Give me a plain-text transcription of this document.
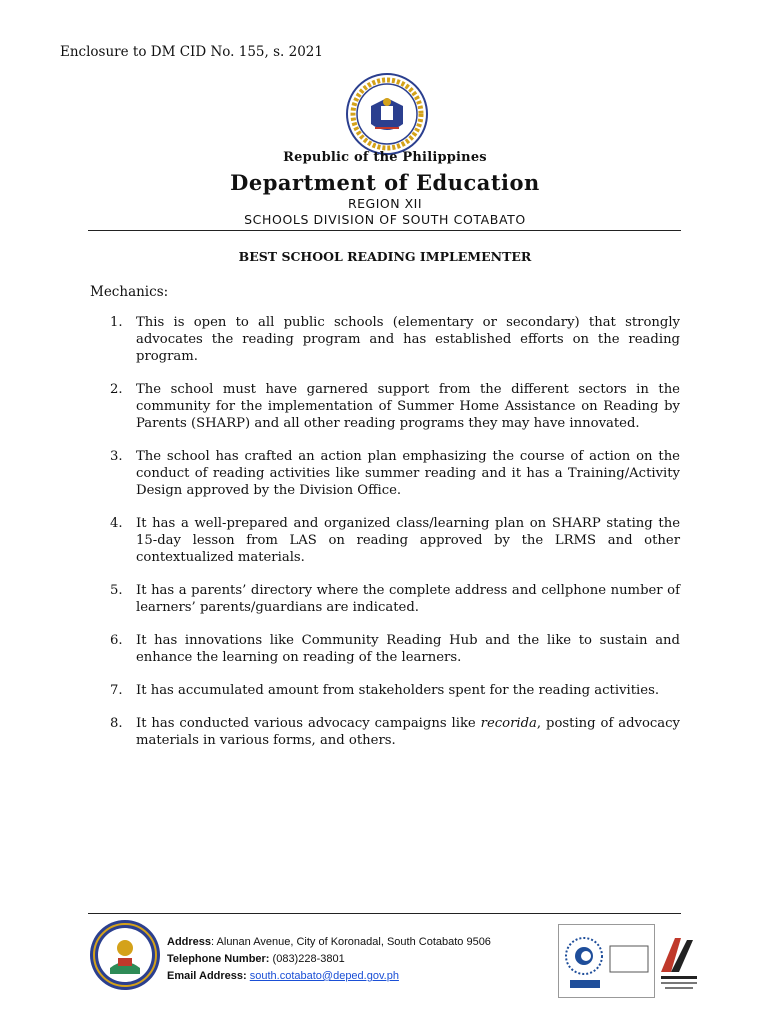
Enclosure to DM CID No. 155, s. 2021
Republic of the Philippines
Department of Education
REGION XII
SCHOOLS DIVISION OF SOUTH COTABATO
BEST SCHOOL READING IMPLEMENTER
Mechanics:
1. This is open to all public schools (elementary or secondary) that strongly advocates the reading program and has established efforts on the reading program.
2. The school must have garnered support from the different sectors in the community for the implementation of Summer Home Assistance on Reading by Parents (SHARP) and all other reading programs they may have innovated.
3. The school has crafted an action plan emphasizing the course of action on the conduct of reading activities like summer reading and it has a Training/Activity Design approved by the Division Office.
4. It has a well-prepared and organized class/learning plan on SHARP stating the 15-day lesson from LAS on reading approved by the LRMS and other contextualized materials.
5. It has a parents’ directory where the complete address and cellphone number of learners’ parents/guardians are indicated.
6. It has innovations like Community Reading Hub and the like to sustain and enhance the learning on reading of the learners.
7. It has accumulated amount from stakeholders spent for the reading activities.
8. It has conducted various advocacy campaigns like recorida, posting of advocacy materials in various forms, and others.
Address: Alunan Avenue, City of Koronadal, South Cotabato 9506
Telephone Number: (083)228-3801
Email Address: south.cotabato@deped.gov.ph
